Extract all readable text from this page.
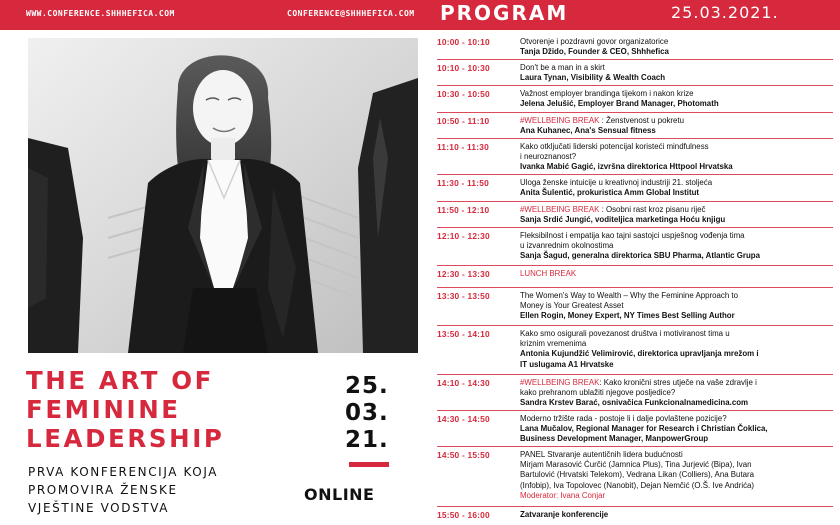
WWW.CONFERENCE.SHHHEFICA.COM	CONFERENCE@SHHHEFICA.COM PROGRAM	25.03.2021.
THE ART OF
FEMININE
LEADERSHIP
PRVA KONFERENCIJA KOJA
PROMOVIRA ŽENSKE
VJEŠTINE VODSTVA
25.
03.
21.
ONLINE
10:00 - 10:10	Otvorenje i pozdravni govor organizatorice
Tanja Džido, Founder & CEO, Shhhefica
10:10 - 10:30	Don't be a man in a skirt
Laura Tynan, Visibility & Wealth Coach
10:30 - 10:50	Važnost employer brandinga tijekom i nakon krize
Jelena Jelušić, Employer Brand Manager, Photomath
10:50 - 11:10	#WELLBEING BREAK : Ženstvenost u pokretu
Ana Kuhanec, Ana's Sensual fitness
11:10 - 11:30	Kako otključati liderski potencijal koristeći mindfulness
i neuroznanost?
Ivanka Mabić Gagić, izvršna direktorica Httpool Hrvatska
11:30 - 11:50	Uloga ženske intuicije u kreativnoj industriji 21. stoljeća
Anita Šulentić, prokuristica Amm Global Institut
11:50 - 12:10	#WELLBEING BREAK : Osobni rast kroz pisanu riječ
Sanja Srdić Jungić, voditeljica marketinga Hoću knjigu
12:10 - 12:30	Fleksibilnost i empatija kao tajni sastojci uspješnog vođenja tima
u izvanrednim okolnostima
Sanja Šagud, generalna direktorica SBU Pharma, Atlantic Grupa
12:30 - 13:30	LUNCH BREAK
13:30 - 13:50	The Women's Way to Wealth – Why the Feminine Approach to
Money is Your Greatest Asset
Ellen Rogin, Money Expert, NY Times Best Selling Author
13:50 - 14:10	Kako smo osigurali povezanost društva i motiviranost tima u
kriznim vremenima
Antonia Kujundžić Velimirović, direktorica upravljanja mrežom i
IT uslugama A1 Hrvatske
14:10 - 14:30	#WELLBEING BREAK: Kako kronični stres utječe na vaše zdravlje i
kako prehranom ublažiti njegove posljedice?
Sandra Krstev Barać, osnivačica Funkcionalnamedicina.com
14:30 - 14:50	Moderno tržište rada - postoje li i dalje povlaštene pozicije?
Lana Mučalov, Regional Manager for Research i Christian Čoklica,
Business Development Manager, ManpowerGroup
14:50 - 15:50	PANEL Stvaranje autentičnih lidera budućnosti
Mirjam Marasović Ćurčić (Jamnica Plus), Tina Jurjević (Bipa), Ivan
Bartulović (Hrvatski Telekom), Vedrana Likan (Colliers), Ana Butara
(Infobip), Iva Topolovec (Nanobit), Dejan Nemčić (O.Š. Ive Andrića)
Moderator: Ivana Conjar
15:50 - 16:00	Zatvaranje konferencije
